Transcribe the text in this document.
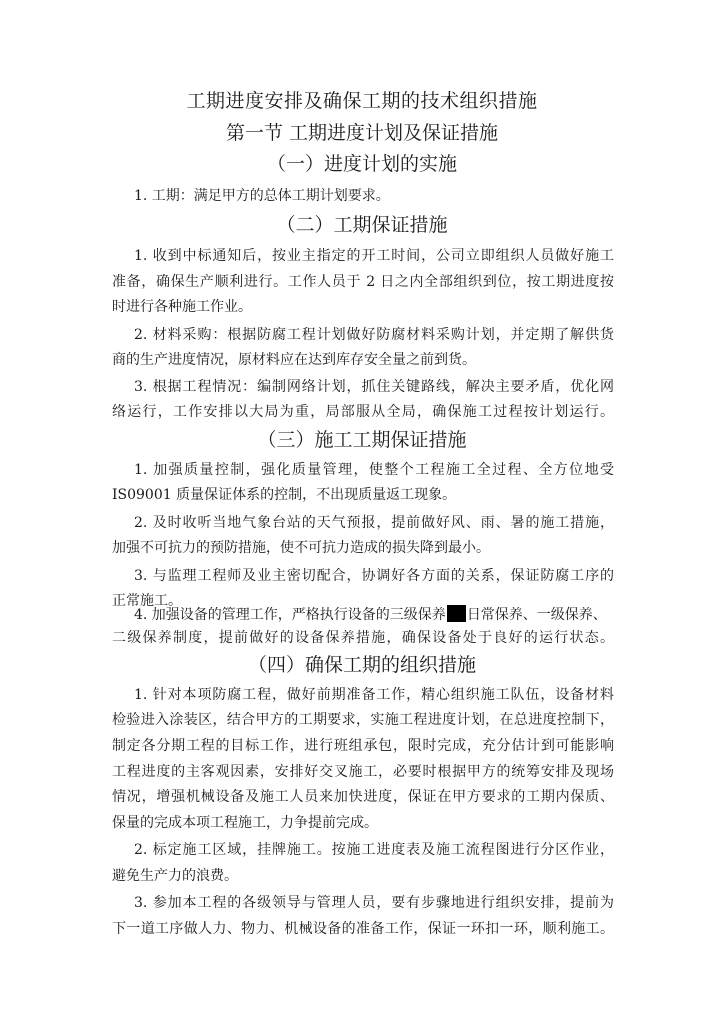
工期进度安排及确保工期的技术组织措施
第一节 工期进度计划及保证措施
（一）进度计划的实施
1. 工期：满足甲方的总体工期计划要求。
（二）工期保证措施
1. 收到中标通知后，按业主指定的开工时间，公司立即组织人员做好施工
准备，确保生产顺利进行。工作人员于 2 日之内全部组织到位，按工期进度按
时进行各种施工作业。
2. 材料采购：根据防腐工程计划做好防腐材料采购计划，并定期了解供货
商的生产进度情况，原材料应在达到库存安全量之前到货。
3. 根据工程情况：编制网络计划，抓住关键路线，解决主要矛盾，优化网
络运行，工作安排以大局为重，局部服从全局，确保施工过程按计划运行。
（三）施工工期保证措施
1. 加强质量控制，强化质量管理，使整个工程施工全过程、全方位地受
IS09001 质量保证体系的控制，不出现质量返工现象。
2. 及时收听当地气象台站的天气预报，提前做好风、雨、暑的施工措施，
加强不可抗力的预防措施，使不可抗力造成的损失降到最小。
3. 与监理工程师及业主密切配合，协调好各方面的关系，保证防腐工序的
正常施工。
4. 加强设备的管理工作，严格执行设备的三级保养 日常保养、一级保养、
二级保养制度，提前做好的设备保养措施，确保设备处于良好的运行状态。
（四）确保工期的组织措施
1. 针对本项防腐工程，做好前期准备工作，精心组织施工队伍，设备材料
检验进入涂装区，结合甲方的工期要求，实施工程进度计划，在总进度控制下，
制定各分期工程的目标工作，进行班组承包，限时完成，充分估计到可能影响
工程进度的主客观因素，安排好交叉施工，必要时根据甲方的统筹安排及现场
情况，增强机械设备及施工人员来加快进度，保证在甲方要求的工期内保质、
保量的完成本项工程施工，力争提前完成。
2. 标定施工区域，挂牌施工。按施工进度表及施工流程图进行分区作业，
避免生产力的浪费。
3. 参加本工程的各级领导与管理人员，要有步骤地进行组织安排，提前为
下一道工序做人力、物力、机械设备的准备工作，保证一环扣一环，顺利施工。
